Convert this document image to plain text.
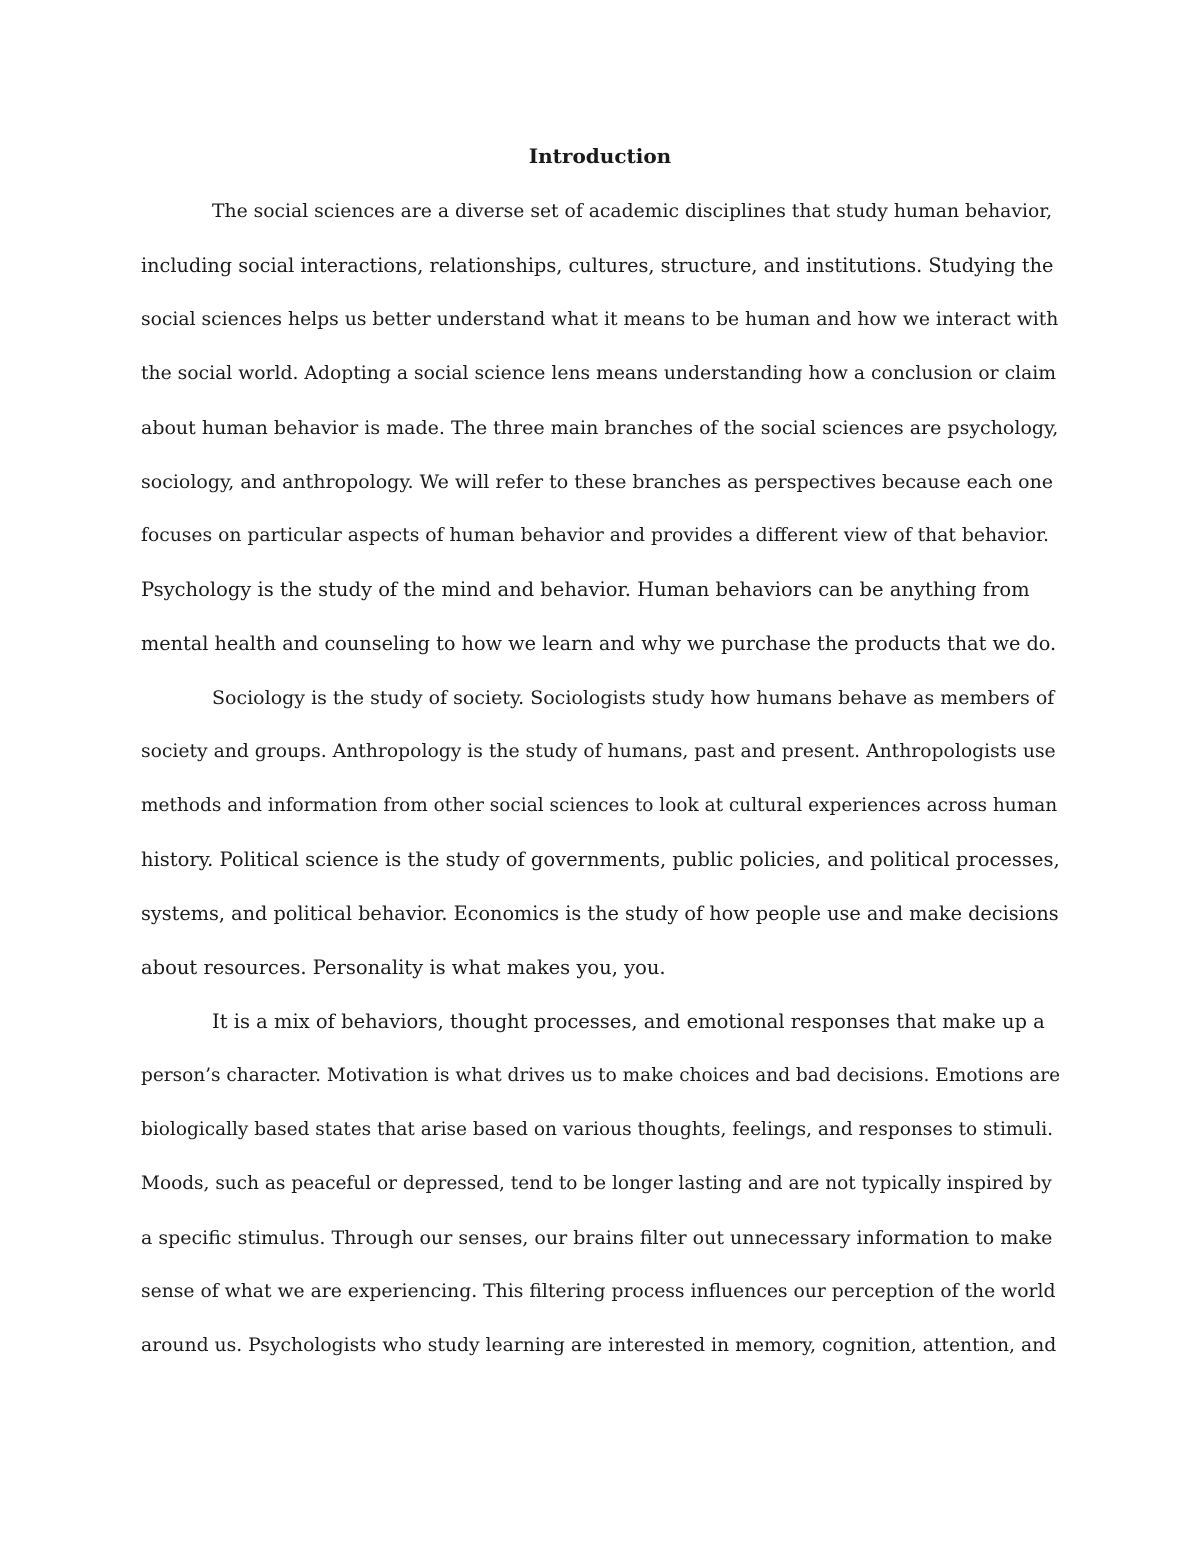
Introduction

The social sciences are a diverse set of academic disciplines that study human behavior,

including social interactions, relationships, cultures, structure, and institutions. Studying the

social sciences helps us better understand what it means to be human and how we interact with

the social world. Adopting a social science lens means understanding how a conclusion or claim

about human behavior is made. The three main branches of the social sciences are psychology,

sociology, and anthropology. We will refer to these branches as perspectives because each one

focuses on particular aspects of human behavior and provides a different view of that behavior.

Psychology is the study of the mind and behavior. Human behaviors can be anything from

mental health and counseling to how we learn and why we purchase the products that we do.

Sociology is the study of society. Sociologists study how humans behave as members of

society and groups. Anthropology is the study of humans, past and present. Anthropologists use

methods and information from other social sciences to look at cultural experiences across human

history. Political science is the study of governments, public policies, and political processes,

systems, and political behavior. Economics is the study of how people use and make decisions

about resources. Personality is what makes you, you.

It is a mix of behaviors, thought processes, and emotional responses that make up a

person’s character. Motivation is what drives us to make choices and bad decisions. Emotions are

biologically based states that arise based on various thoughts, feelings, and responses to stimuli.

Moods, such as peaceful or depressed, tend to be longer lasting and are not typically inspired by

a specific stimulus. Through our senses, our brains filter out unnecessary information to make

sense of what we are experiencing. This filtering process influences our perception of the world

around us. Psychologists who study learning are interested in memory, cognition, attention, and
